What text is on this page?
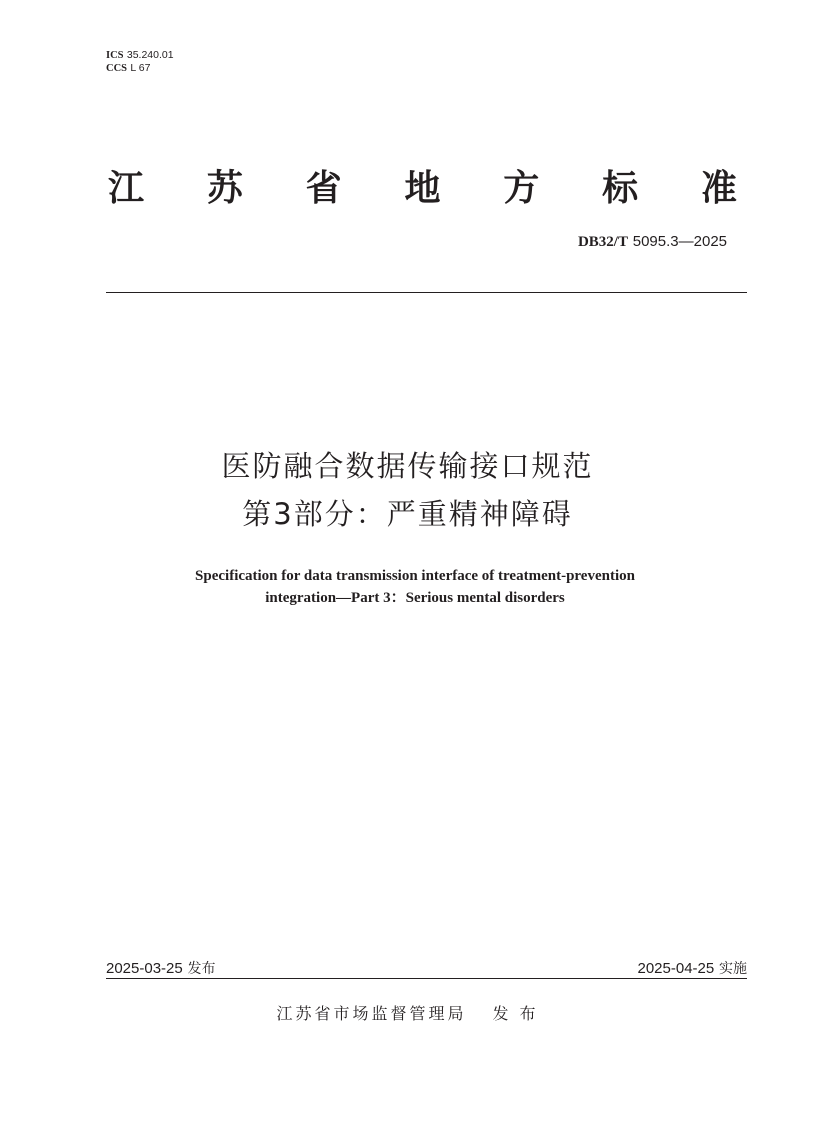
ICS 35.240.01
CCS L 67
江 苏 省 地 方 标 准
DB32/T 5095.3—2025
医防融合数据传输接口规范
第3部分：严重精神障碍
Specification for data transmission interface of treatment-prevention
integration—Part 3：Serious mental disorders
2025-03-25 发布	2025-04-25 实施
江苏省市场监督管理局 发 布
